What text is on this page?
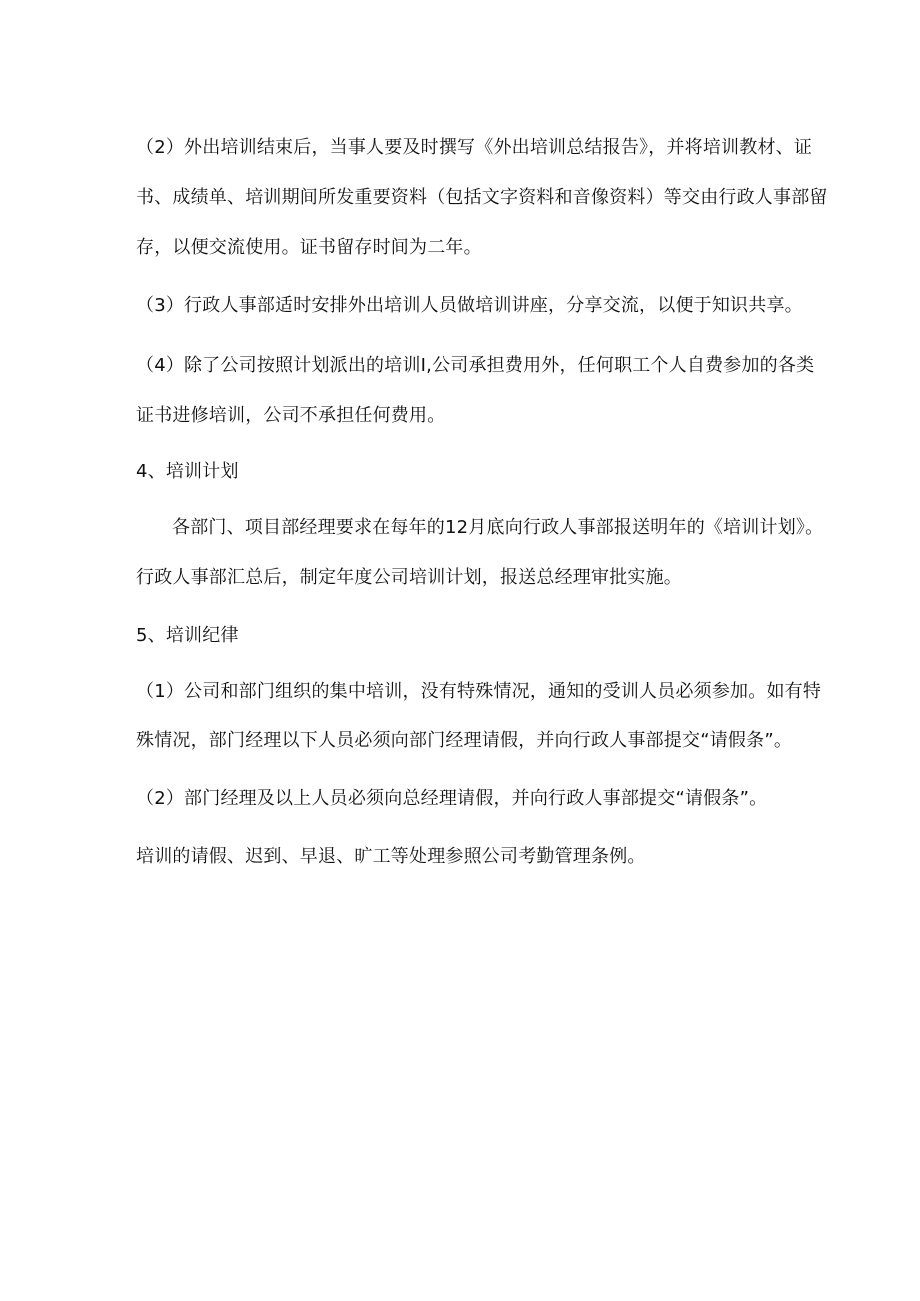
（2）外出培训结束后，当事人要及时撰写《外出培训总结报告》，并将培训教材、证
书、成绩单、培训期间所发重要资料（包括文字资料和音像资料）等交由行政人事部留
存，以便交流使用。证书留存时间为二年。
（3）行政人事部适时安排外出培训人员做培训讲座，分享交流，以便于知识共享。
（4）除了公司按照计划派出的培训I,公司承担费用外，任何职工个人自费参加的各类
证书进修培训，公司不承担任何费用。
4、培训计划
各部门、项目部经理要求在每年的12月底向行政人事部报送明年的《培训计划》。
行政人事部汇总后，制定年度公司培训计划，报送总经理审批实施。
5、培训纪律
（1）公司和部门组织的集中培训，没有特殊情况，通知的受训人员必须参加。如有特
殊情况，部门经理以下人员必须向部门经理请假，并向行政人事部提交“请假条”。
（2）部门经理及以上人员必须向总经理请假，并向行政人事部提交“请假条”。
培训的请假、迟到、早退、旷工等处理参照公司考勤管理条例。
